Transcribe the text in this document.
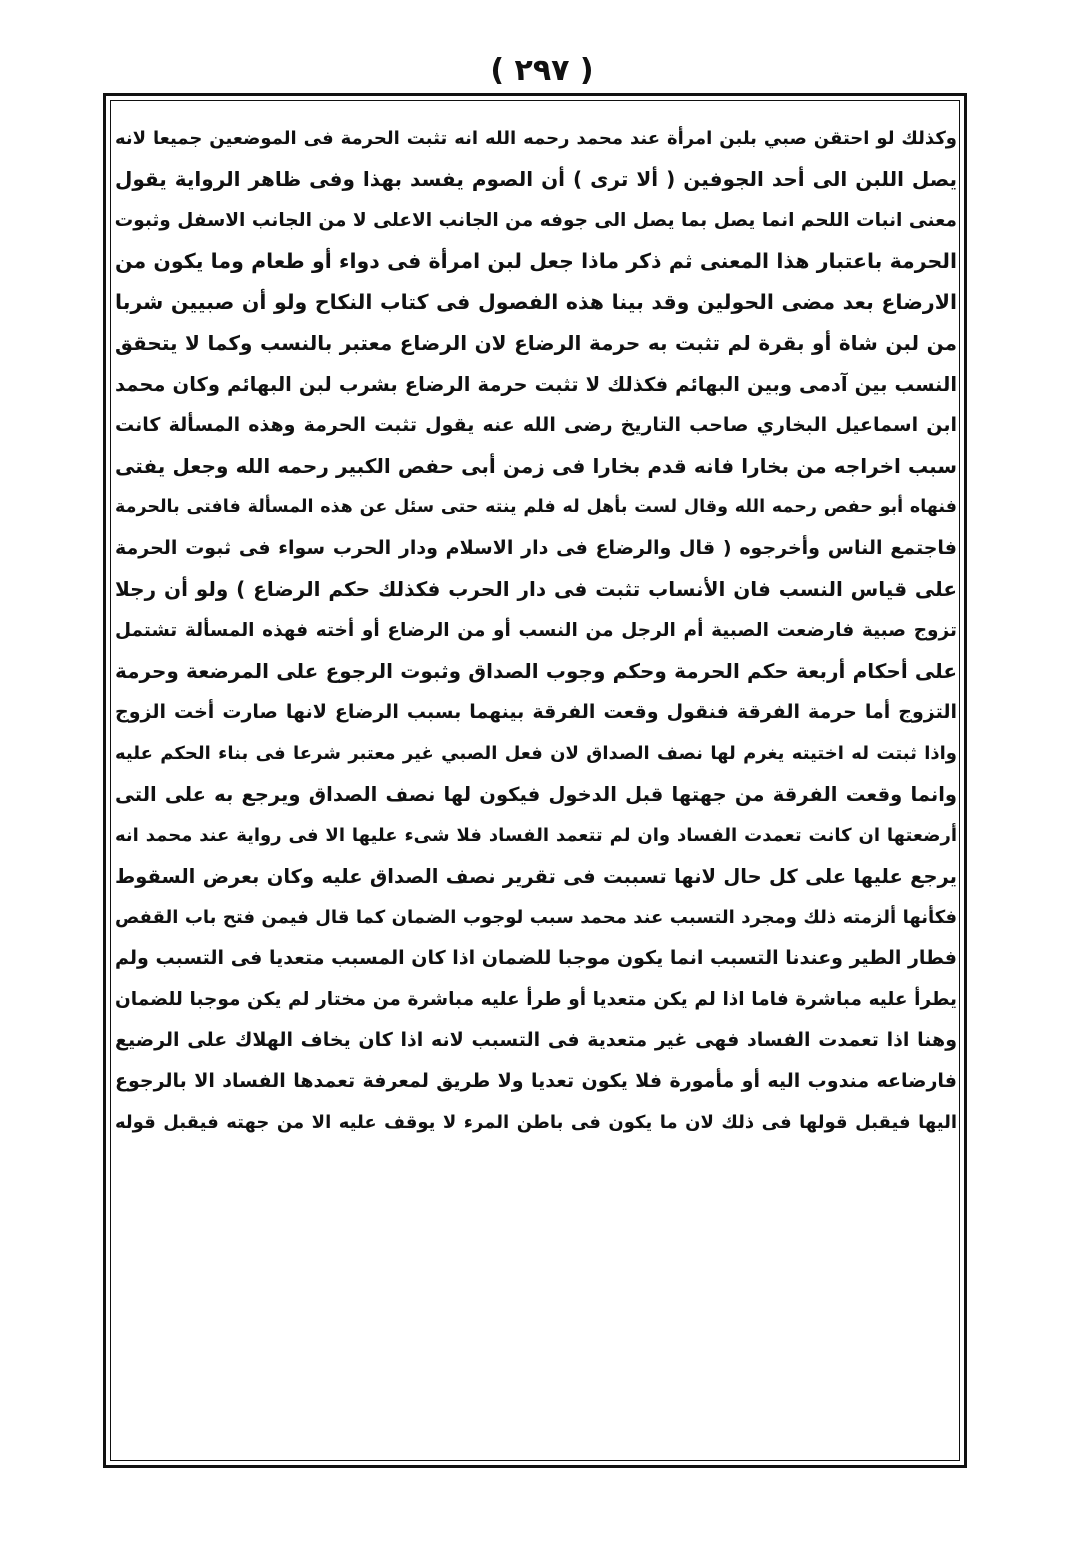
( ٢٩٧ )
وكذلك لو احتقن صبي بلبن امرأة عند محمد رحمه الله انه تثبت الحرمة فى الموضعين جميعا لانه
يصل اللبن الى أحد الجوفين ( ألا ترى ) أن الصوم يفسد بهذا وفى ظاهر الرواية يقول
معنى انبات اللحم انما يصل بما يصل الى جوفه من الجانب الاعلى لا من الجانب الاسفل وثبوت
الحرمة باعتبار هذا المعنى ثم ذكر ماذا جعل لبن امرأة فى دواء أو طعام وما يكون من
الارضاع بعد مضى الحولين وقد بينا هذه الفصول فى كتاب النكاح ولو أن صبيين شربا
من لبن شاة أو بقرة لم تثبت به حرمة الرضاع لان الرضاع معتبر بالنسب وكما لا يتحقق
النسب بين آدمى وبين البهائم فكذلك لا تثبت حرمة الرضاع بشرب لبن البهائم وكان محمد
ابن اسماعيل البخاري صاحب التاريخ رضى الله عنه يقول تثبت الحرمة وهذه المسألة كانت
سبب اخراجه من بخارا فانه قدم بخارا فى زمن أبى حفص الكبير رحمه الله وجعل يفتى
فنهاه أبو حفص رحمه الله وقال لست بأهل له فلم ينته حتى سئل عن هذه المسألة فافتى بالحرمة
فاجتمع الناس وأخرجوه ( قال والرضاع فى دار الاسلام ودار الحرب سواء فى ثبوت الحرمة
على قياس النسب فان الأنساب تثبت فى دار الحرب فكذلك حكم الرضاع ) ولو أن رجلا
تزوج صبية فارضعت الصبية أم الرجل من النسب أو من الرضاع أو أخته فهذه المسألة تشتمل
على أحكام أربعة حكم الحرمة وحكم وجوب الصداق وثبوت الرجوع على المرضعة وحرمة
التزوج أما حرمة الفرقة فنقول وقعت الفرقة بينهما بسبب الرضاع لانها صارت أخت الزوج
واذا ثبتت له اختيته يغرم لها نصف الصداق لان فعل الصبي غير معتبر شرعا فى بناء الحكم عليه
وانما وقعت الفرقة من جهتها قبل الدخول فيكون لها نصف الصداق ويرجع به على التى
أرضعتها ان كانت تعمدت الفساد وان لم تتعمد الفساد فلا شىء عليها الا فى رواية عند محمد انه
يرجع عليها على كل حال لانها تسببت فى تقرير نصف الصداق عليه وكان بعرض السقوط
فكأنها ألزمته ذلك ومجرد التسبب عند محمد سبب لوجوب الضمان كما قال فيمن فتح باب القفص
فطار الطير وعندنا التسبب انما يكون موجبا للضمان اذا كان المسبب متعديا فى التسبب ولم
يطرأ عليه مباشرة فاما اذا لم يكن متعديا أو طرأ عليه مباشرة من مختار لم يكن موجبا للضمان
وهنا اذا تعمدت الفساد فهى غير متعدية فى التسبب لانه اذا كان يخاف الهلاك على الرضيع
فارضاعه مندوب اليه أو مأمورة فلا يكون تعديا ولا طريق لمعرفة تعمدها الفساد الا بالرجوع
اليها فيقبل قولها فى ذلك لان ما يكون فى باطن المرء لا يوقف عليه الا من جهته فيقبل قوله
